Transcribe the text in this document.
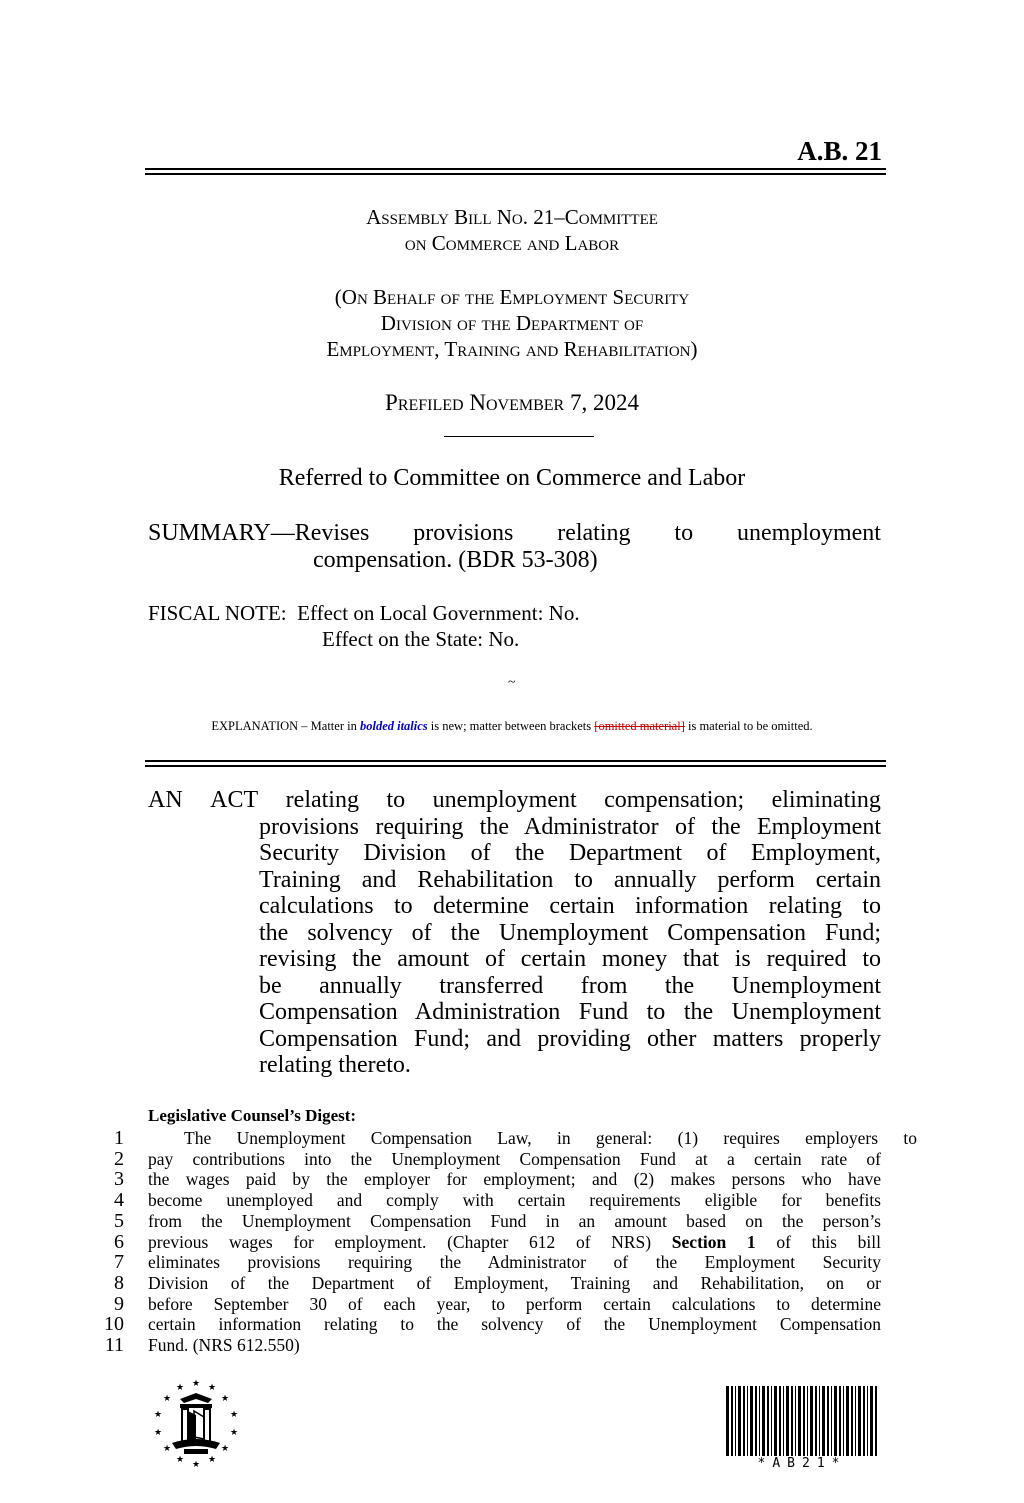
A.B. 21
Assembly Bill No. 21–Committee
on Commerce and Labor
(On Behalf of the Employment Security
Division of the Department of
Employment, Training and Rehabilitation)
Prefiled November 7, 2024
Referred to Committee on Commerce and Labor
SUMMARY—Revises provisions relating to unemployment
compensation. (BDR 53-308)
FISCAL NOTE: Effect on Local Government: No.
Effect on the State: No.
~
EXPLANATION – Matter in bolded italics is new; matter between brackets [omitted material] is material to be omitted.
AN ACT relating to unemployment compensation; eliminating
provisions requiring the Administrator of the Employment
Security Division of the Department of Employment,
Training and Rehabilitation to annually perform certain
calculations to determine certain information relating to
the solvency of the Unemployment Compensation Fund;
revising the amount of certain money that is required to
be annually transferred from the Unemployment
Compensation Administration Fund to the Unemployment
Compensation Fund; and providing other matters properly
relating thereto.
Legislative Counsel’s Digest:
1	The Unemployment Compensation Law, in general: (1) requires employers to
2 pay contributions into the Unemployment Compensation Fund at a certain rate of
3 the wages paid by the employer for employment; and (2) makes persons who have
4 become unemployed and comply with certain requirements eligible for benefits
5 from the Unemployment Compensation Fund in an amount based on the person’s
6 previous wages for employment. (Chapter 612 of NRS) Section 1 of this bill
7 eliminates provisions requiring the Administrator of the Employment Security
8 Division of the Department of Employment, Training and Rehabilitation, on or
9 before September 30 of each year, to perform certain calculations to determine
10 certain information relating to the solvency of the Unemployment Compensation
11 Fund. (NRS 612.550)
★
★	★
★	★
★	★
★	★
★	★
★	★
★	*AB21*
